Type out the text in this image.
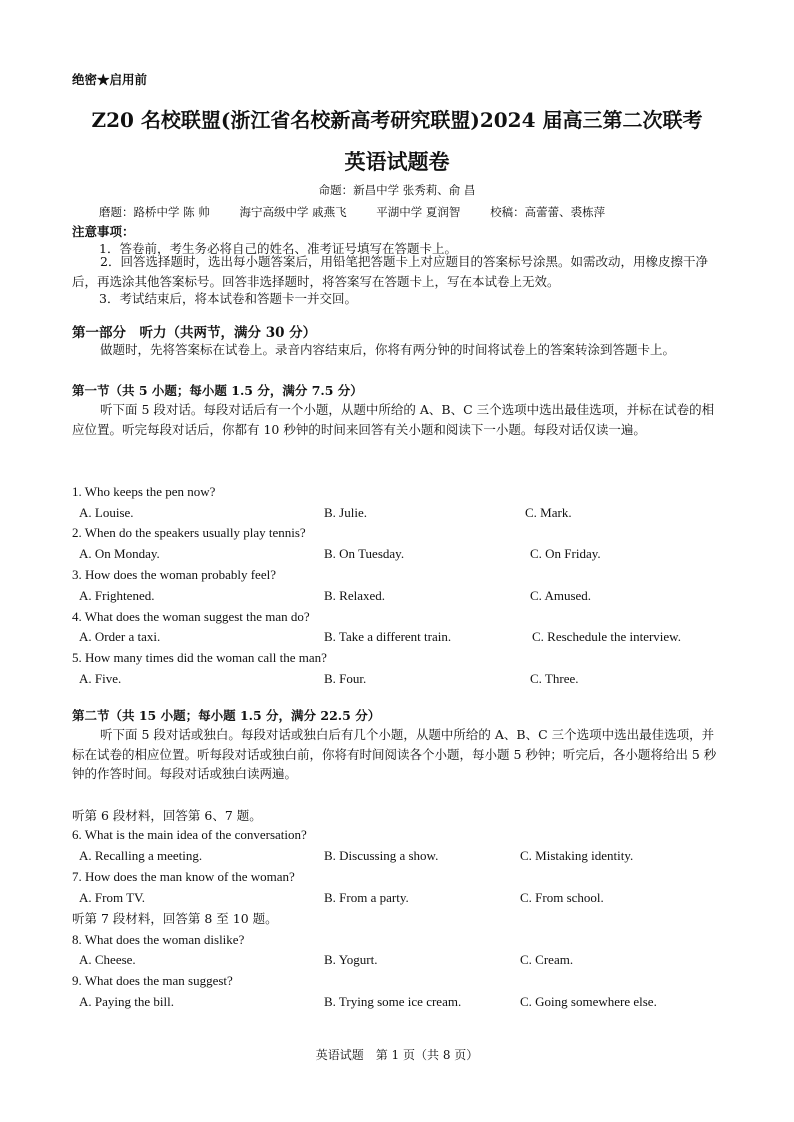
绝密★启用前
Z20 名校联盟(浙江省名校新高考研究联盟)2024 届高三第二次联考
英语试题卷
命题：新昌中学 张秀莉、俞 昌
磨题：路桥中学 陈 帅	海宁高级中学 戚燕飞	平湖中学 夏润智	校稿：高蕾蕾、裘栋萍
注意事项：
1．答卷前，考生务必将自己的姓名、准考证号填写在答题卡上。
2．回答选择题时，选出每小题答案后，用铅笔把答题卡上对应题目的答案标号涂黑。如需改动，用橡皮擦干净后，再选涂其他答案标号。回答非选择题时，将答案写在答题卡上，写在本试卷上无效。
3．考试结束后，将本试卷和答题卡一并交回。
第一部分　听力（共两节，满分 30 分）
做题时，先将答案标在试卷上。录音内容结束后，你将有两分钟的时间将试卷上的答案转涂到答题卡上。
第一节（共 5 小题；每小题 1.5 分，满分 7.5 分）
听下面 5 段对话。每段对话后有一个小题，从题中所给的 A、B、C 三个选项中选出最佳选项，并标在试卷的相应位置。听完每段对话后，你都有 10 秒钟的时间来回答有关小题和阅读下一小题。每段对话仅读一遍。
1. Who keeps the pen now?
A. Louise.	B. Julie.	C. Mark.
2. When do the speakers usually play tennis?
A. On Monday.	B. On Tuesday.	C. On Friday.
3. How does the woman probably feel?
A. Frightened.	B. Relaxed.	C. Amused.
4. What does the woman suggest the man do?
A. Order a taxi.	B. Take a different train.	C. Reschedule the interview.
5. How many times did the woman call the man?
A. Five.	B. Four.	C. Three.
第二节（共 15 小题；每小题 1.5 分，满分 22.5 分）
听下面 5 段对话或独白。每段对话或独白后有几个小题，从题中所给的 A、B、C 三个选项中选出最佳选项，并标在试卷的相应位置。听每段对话或独白前，你将有时间阅读各个小题，每小题 5 秒钟；听完后，各小题将给出 5 秒钟的作答时间。每段对话或独白读两遍。
听第 6 段材料，回答第 6、7 题。
6. What is the main idea of the conversation?
A. Recalling a meeting.	B. Discussing a show.	C. Mistaking identity.
7. How does the man know of the woman?
A. From TV.	B. From a party.	C. From school.
听第 7 段材料，回答第 8 至 10 题。
8. What does the woman dislike?
A. Cheese.	B. Yogurt.	C. Cream.
9. What does the man suggest?
A. Paying the bill.	B. Trying some ice cream.	C. Going somewhere else.
英语试题　第 1 页（共 8 页）
